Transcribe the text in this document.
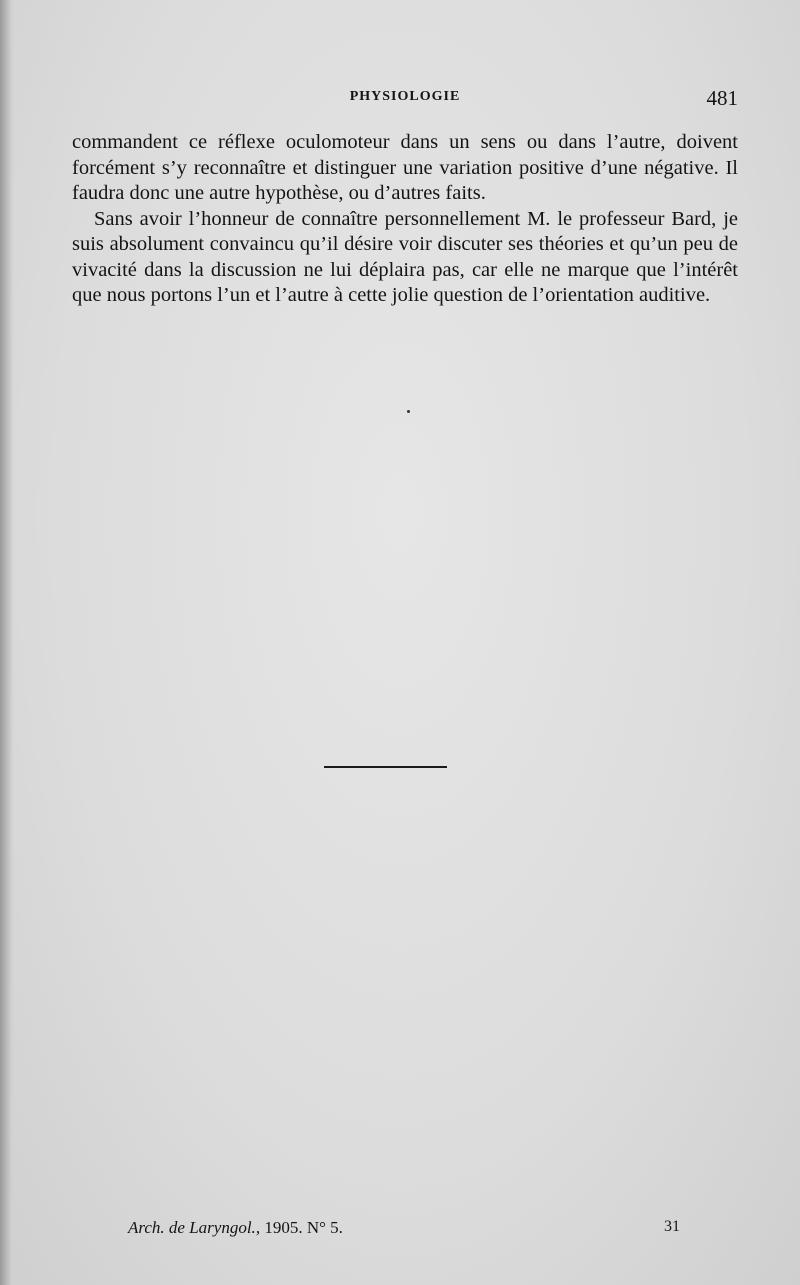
PHYSIOLOGIE	481

commandent ce réflexe oculomoteur dans un sens ou dans l’autre, doivent forcément s’y reconnaître et distinguer une variation positive d’une négative. Il faudra donc une autre hypothèse, ou d’autres faits.

Sans avoir l’honneur de connaître personnellement M. le professeur Bard, je suis absolument convaincu qu’il désire voir discuter ses théories et qu’un peu de vivacité dans la discussion ne lui déplaira pas, car elle ne marque que l’intérêt que nous portons l’un et l’autre à cette jolie question de l’orientation auditive.

Arch. de Laryngol., 1905. N° 5.	31
